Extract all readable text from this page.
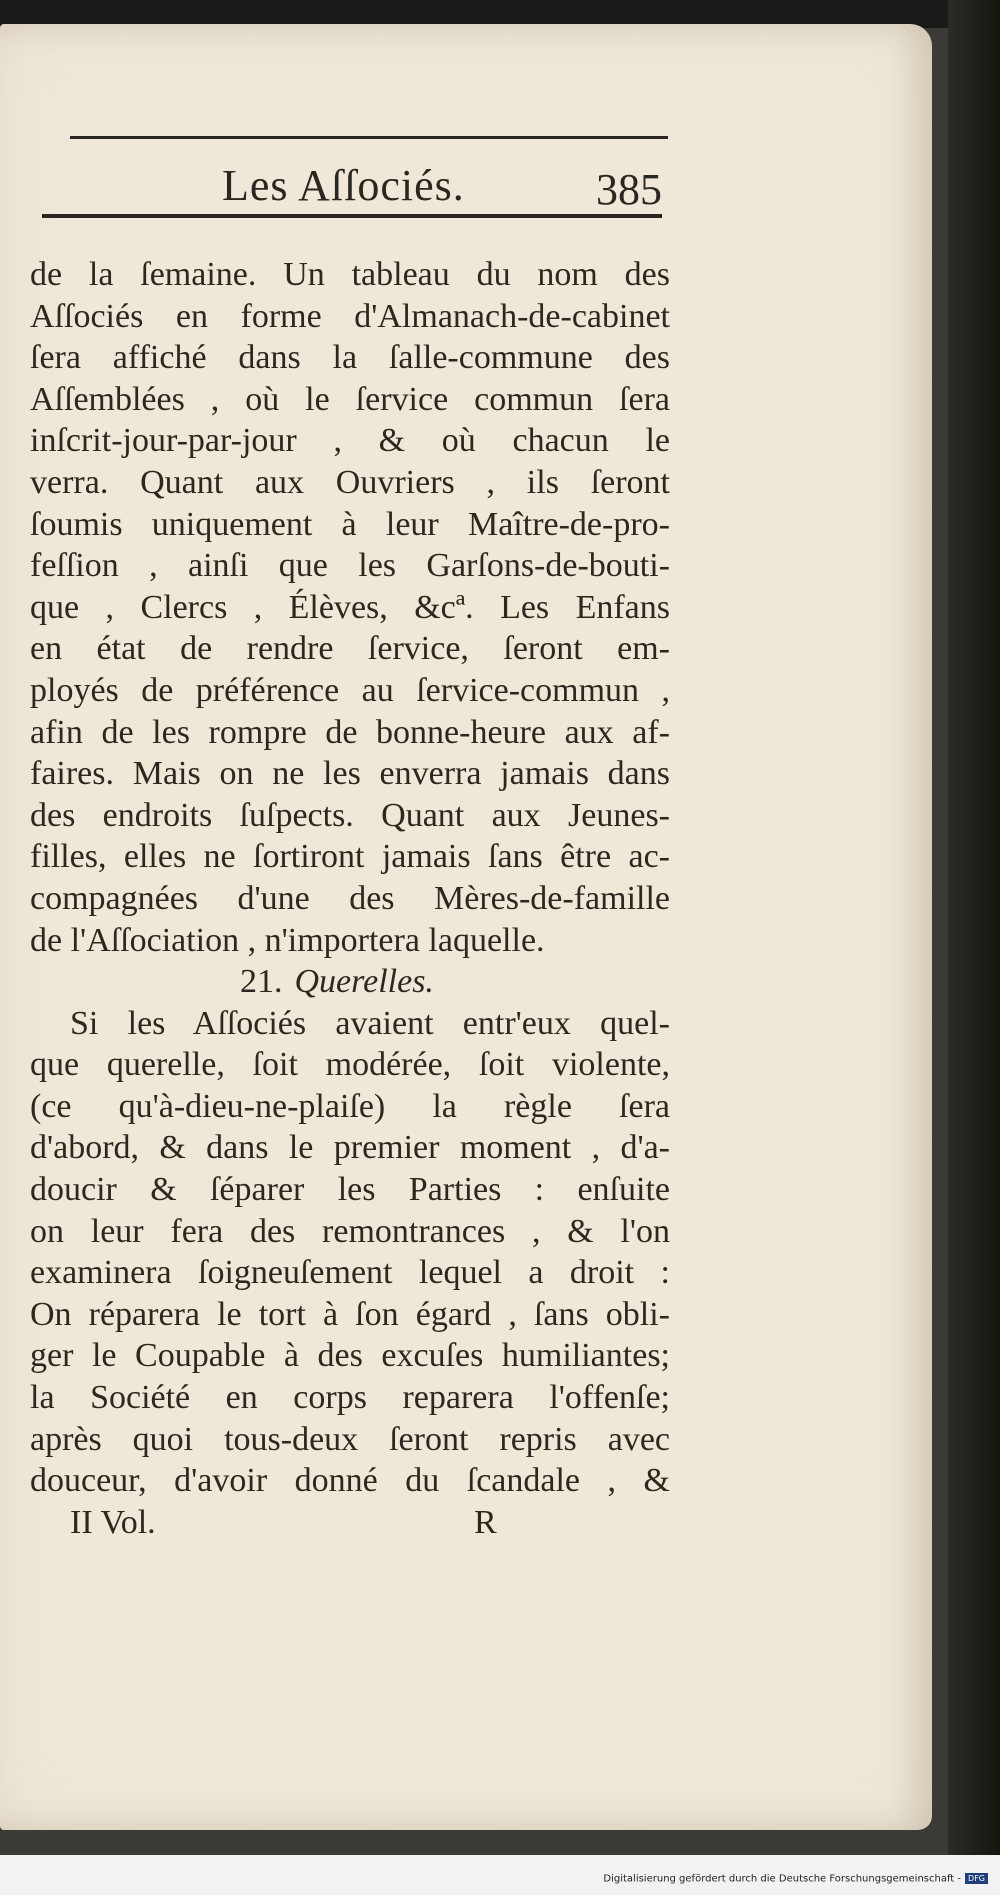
Les Aſſociés.	385
de la ſemaine. Un tableau du nom des
Aſſociés en forme d'Almanach-de-cabinet
ſera affiché dans la ſalle-commune des
Aſſemblées , où le ſervice commun ſera
inſcrit-jour-par-jour , & où chacun le
verra. Quant aux Ouvriers , ils ſeront
ſoumis uniquement à leur Maître-de-pro-
feſſion , ainſi que les Garſons-de-bouti-
que , Clercs , Élèves, &cª. Les Enfans
en état de rendre ſervice, ſeront em-
ployés de préférence au ſervice-commun ,
afin de les rompre de bonne-heure aux af-
faires. Mais on ne les enverra jamais dans
des endroits ſuſpects. Quant aux Jeunes-
filles, elles ne ſortiront jamais ſans être ac-
compagnées d'une des Mères-de-famille
de l'Aſſociation , n'importera laquelle.
21. Querelles.
Si les Aſſociés avaient entr'eux quel-
que querelle, ſoit modérée, ſoit violente,
(ce qu'à-dieu-ne-plaiſe) la règle ſera
d'abord, & dans le premier moment , d'a-
doucir & ſéparer les Parties : enſuite
on leur fera des remontrances , & l'on
examinera ſoigneuſement lequel a droit :
On réparera le tort à ſon égard , ſans obli-
ger le Coupable à des excuſes humiliantes;
la Société en corps reparera l'offenſe;
après quoi tous-deux ſeront repris avec
douceur, d'avoir donné du ſcandale , &
II Vol.	R
Digitalisierung gefördert durch die Deutsche Forschungsgemeinschaft - DFG
